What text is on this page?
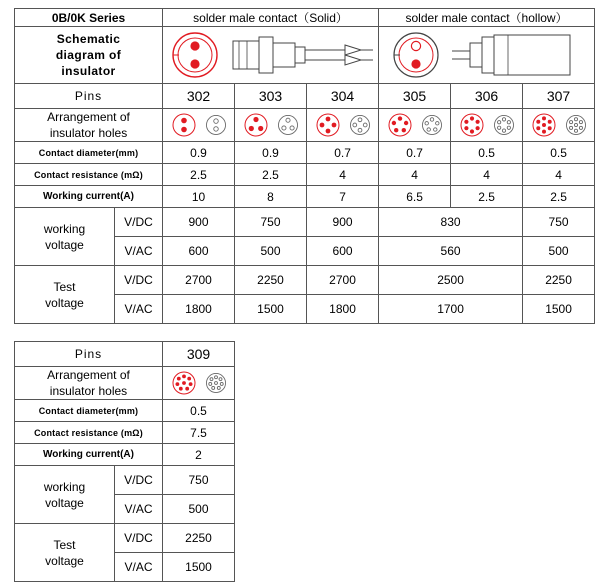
0B/0K Series		solder male contact（Solid）			solder male contact（hollow）		

Schematic
diagram of
insulator

Pins		302	303	304	305	306	307

Arrangement of
insulator holes

Contact diameter(mm)		0.9	0.9	0.7	0.7	0.5	0.5
Contact resistance (mΩ)		2.5	2.5	4	4	4	4
Working current(A)		10	8	7	6.5	2.5	2.5

working
voltage	V/DC	900	750	900	830		750
	V/AC	600	500	600	560		500

Test
voltage	V/DC	2700	2250	2700	2500		2250
	V/AC	1800	1500	1800	1700		1500
Pins		309

Arrangement of
insulator holes

Contact diameter(mm)		0.5
Contact resistance (mΩ)		7.5
Working current(A)		2

working
voltage	V/DC	750
	V/AC	500

Test
voltage	V/DC	2250
	V/AC	1500
